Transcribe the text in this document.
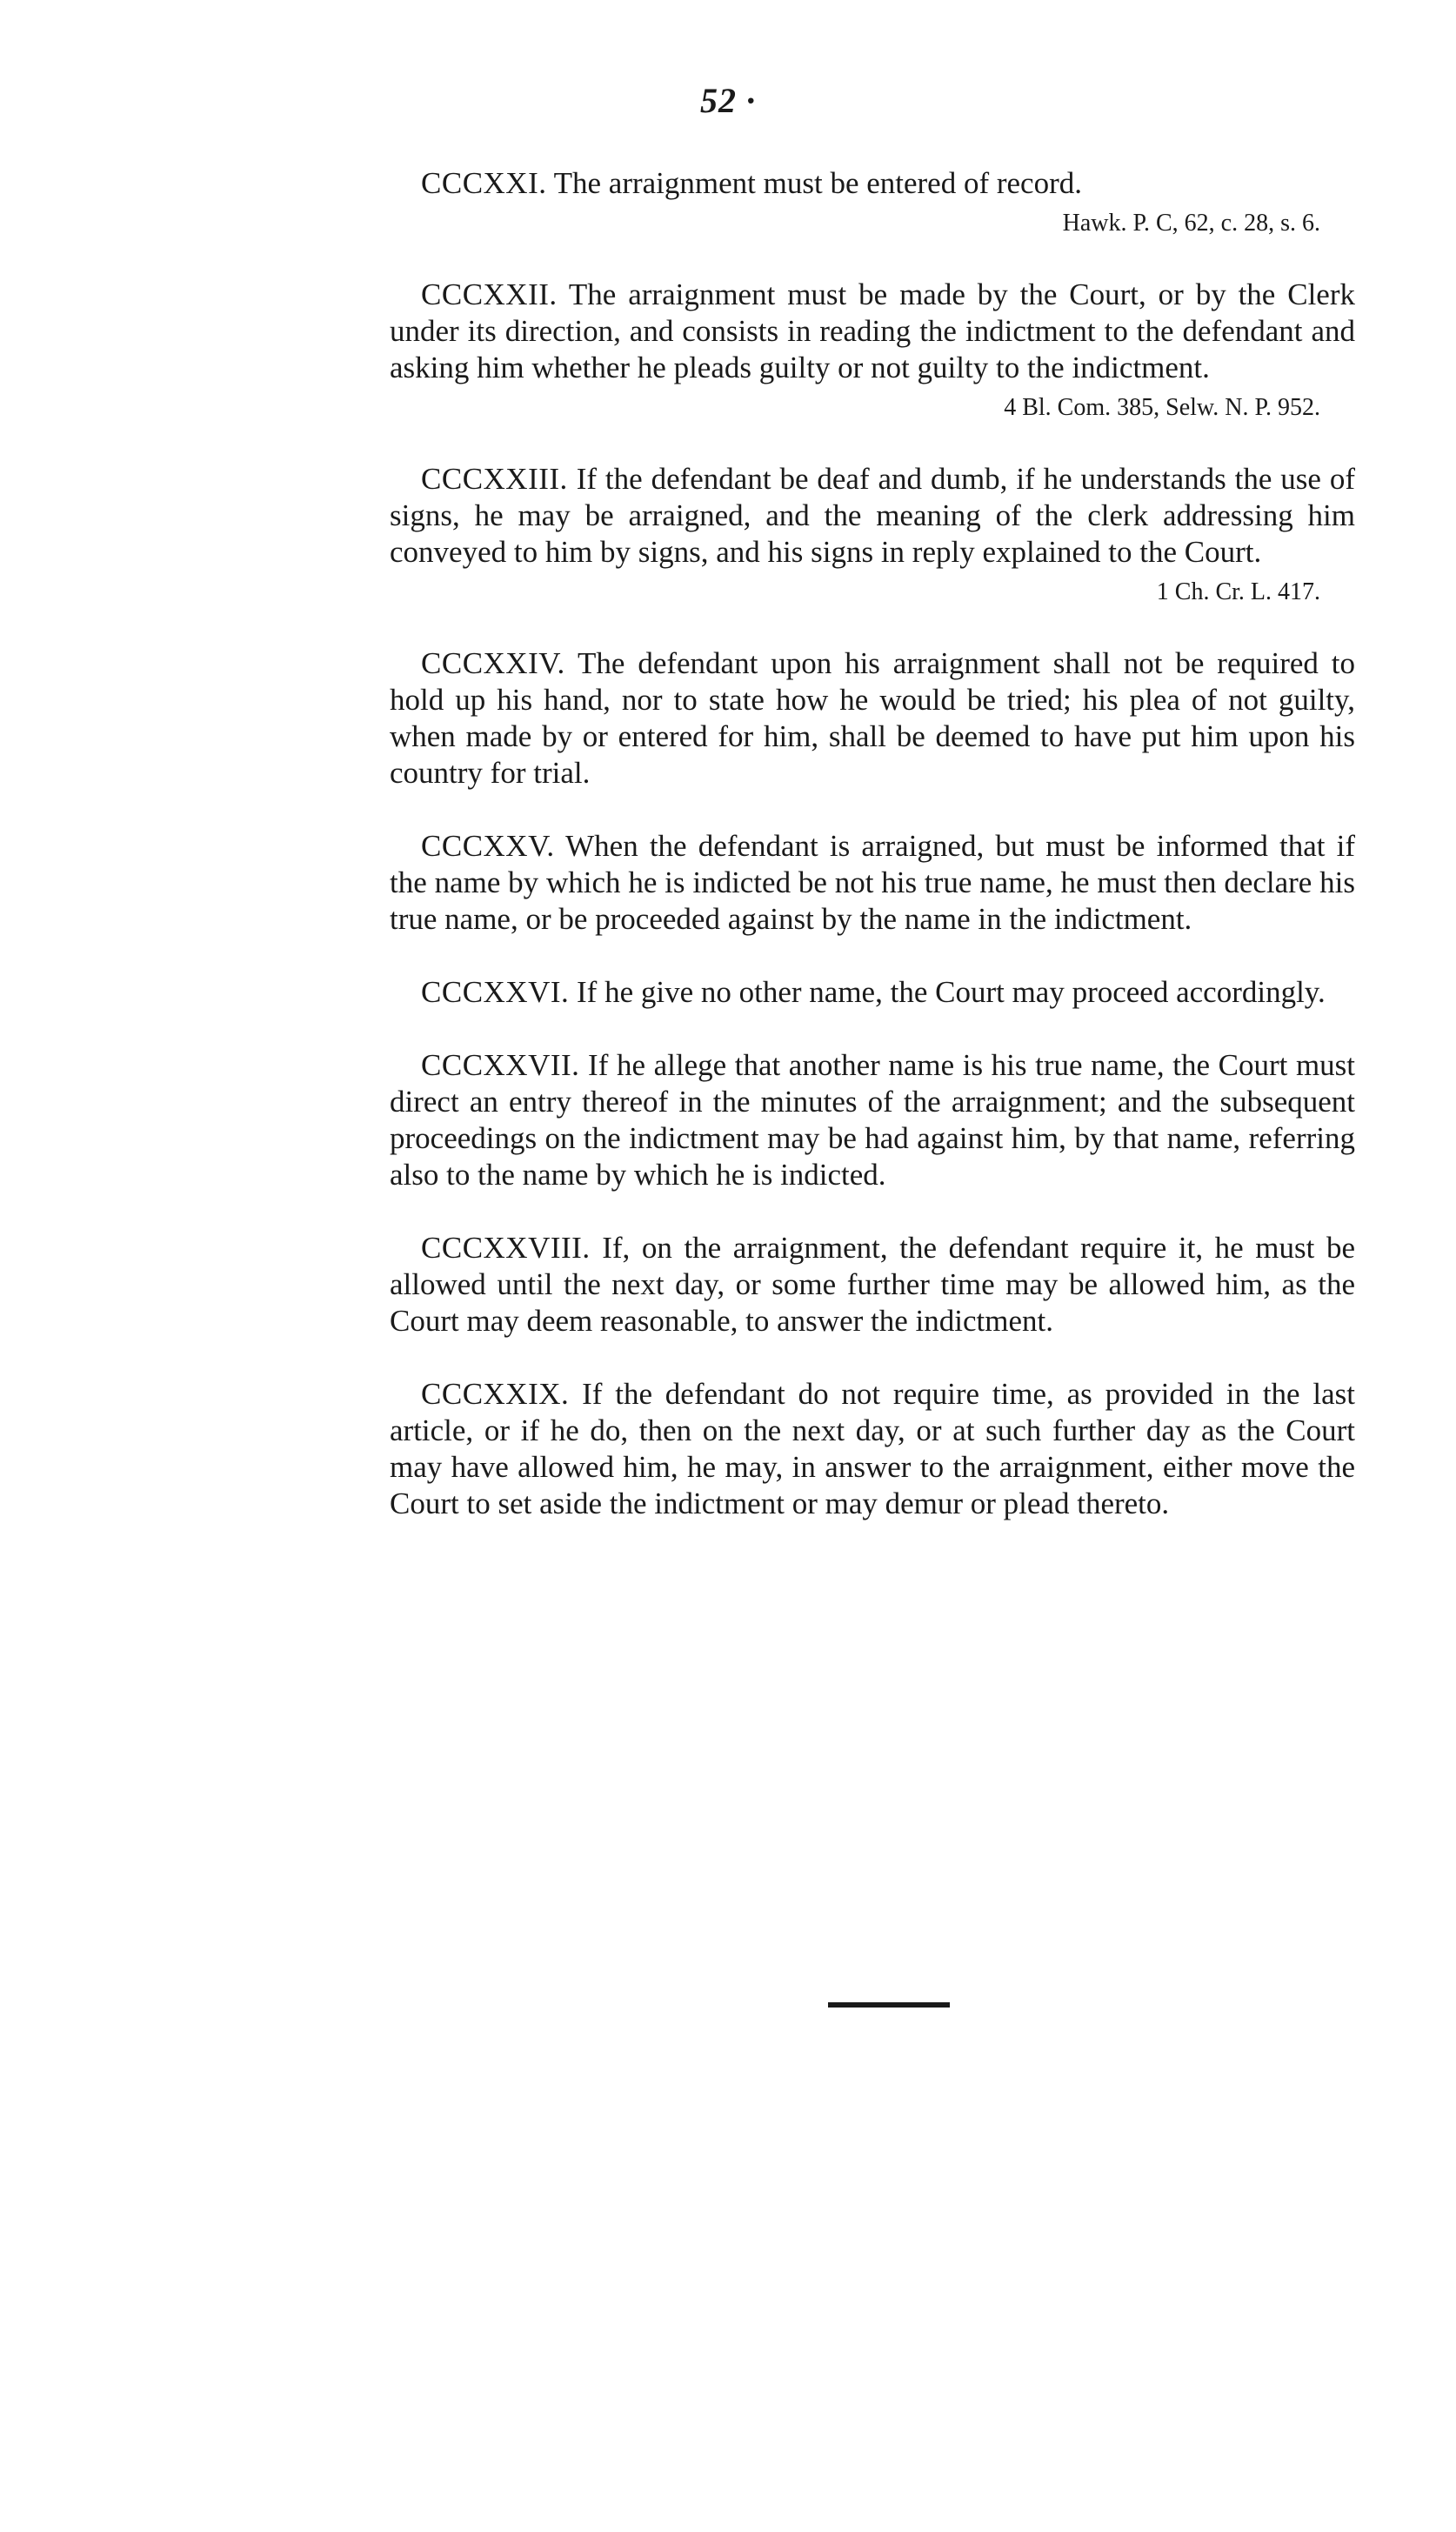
52 ·

CCCXXI. The arraignment must be entered of record.

Hawk. P. C, 62, c. 28, s. 6.

CCCXXII. The arraignment must be made by the Court, or by the Clerk under its direction, and consists in reading the indictment to the defendant and asking him whether he pleads guilty or not guilty to the indictment.

4 Bl. Com. 385, Selw. N. P. 952.

CCCXXIII. If the defendant be deaf and dumb, if he understands the use of signs, he may be arraigned, and the meaning of the clerk addressing him conveyed to him by signs, and his signs in reply explained to the Court.

1 Ch. Cr. L. 417.

CCCXXIV. The defendant upon his arraignment shall not be required to hold up his hand, nor to state how he would be tried; his plea of not guilty, when made by or entered for him, shall be deemed to have put him upon his country for trial.

CCCXXV. When the defendant is arraigned, but must be informed that if the name by which he is indicted be not his true name, he must then declare his true name, or be proceeded against by the name in the indictment.

CCCXXVI. If he give no other name, the Court may proceed accordingly.

CCCXXVII. If he allege that another name is his true name, the Court must direct an entry thereof in the minutes of the arraignment; and the subsequent proceedings on the indictment may be had against him, by that name, referring also to the name by which he is indicted.

CCCXXVIII. If, on the arraignment, the defendant require it, he must be allowed until the next day, or some further time may be allowed him, as the Court may deem reasonable, to answer the indictment.

CCCXXIX. If the defendant do not require time, as provided in the last article, or if he do, then on the next day, or at such further day as the Court may have allowed him, he may, in answer to the arraignment, either move the Court to set aside the indictment or may demur or plead thereto.
